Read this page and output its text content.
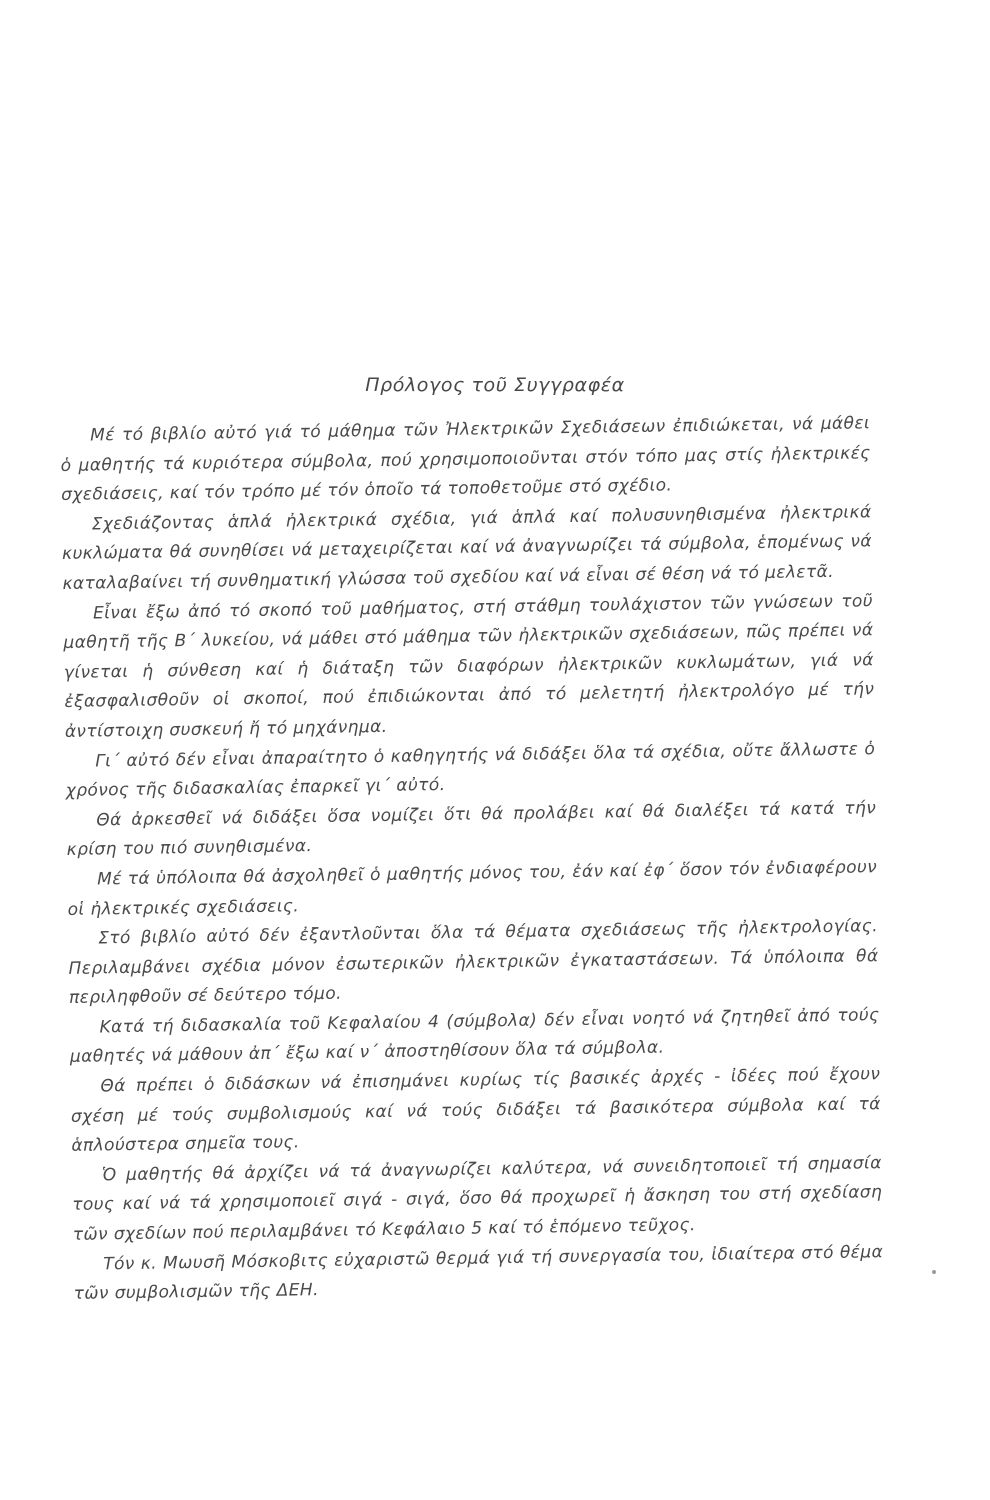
Πρόλογος τοῦ Συγγραφέα

Μέ τό βιβλίο αὐτό γιά τό μάθημα τῶν Ἠλεκτρικῶν Σχεδιάσεων ἐπιδιώκεται, νά μάθει ὁ μαθητής τά κυριότερα σύμβολα, πού χρησιμοποιοῦνται στόν τόπο μας στίς ἠλεκτρικές σχεδιάσεις, καί τόν τρόπο μέ τόν ὁποῖο τά τοποθετοῦμε στό σχέδιο.

Σχεδιάζοντας ἁπλά ἠλεκτρικά σχέδια, γιά ἁπλά καί πολυσυνηθισμένα ἠλεκτρικά κυκλώματα θά συνηθίσει νά μεταχειρίζεται καί νά ἀναγνωρίζει τά σύμβολα, ἑπομένως νά καταλαβαίνει τή συνθηματική γλώσσα τοῦ σχεδίου καί νά εἶναι σέ θέση νά τό μελετᾶ.

Εἶναι ἔξω ἀπό τό σκοπό τοῦ μαθήματος, στή στάθμη τουλάχιστον τῶν γνώσεων τοῦ μαθητῆ τῆς Β΄ λυκείου, νά μάθει στό μάθημα τῶν ἠλεκτρικῶν σχεδιάσεων, πῶς πρέπει νά γίνεται ἡ σύνθεση καί ἡ διάταξη τῶν διαφόρων ἠλεκτρικῶν κυκλωμάτων, γιά νά ἐξασφαλισθοῦν οἱ σκοποί, πού ἐπιδιώκονται ἀπό τό μελετητή ἠλεκτρολόγο μέ τήν ἀντίστοιχη συσκευή ἤ τό μηχάνημα.

Γι΄ αὐτό δέν εἶναι ἀπαραίτητο ὁ καθηγητής νά διδάξει ὅλα τά σχέδια, οὔτε ἄλλωστε ὁ χρόνος τῆς διδασκαλίας ἐπαρκεῖ γι΄ αὐτό.

Θά ἀρκεσθεῖ νά διδάξει ὅσα νομίζει ὅτι θά προλάβει καί θά διαλέξει τά κατά τήν κρίση του πιό συνηθισμένα.

Μέ τά ὑπόλοιπα θά ἀσχοληθεῖ ὁ μαθητής μόνος του, ἐάν καί ἐφ΄ ὅσον τόν ἐνδιαφέρουν οἱ ἠλεκτρικές σχεδιάσεις.

Στό βιβλίο αὐτό δέν ἐξαντλοῦνται ὅλα τά θέματα σχεδιάσεως τῆς ἠλεκτρολογίας. Περιλαμβάνει σχέδια μόνον ἐσωτερικῶν ἠλεκτρικῶν ἐγκαταστάσεων. Τά ὑπόλοιπα θά περιληφθοῦν σέ δεύτερο τόμο.

Κατά τή διδασκαλία τοῦ Κεφαλαίου 4 (σύμβολα) δέν εἶναι νοητό νά ζητηθεῖ ἀπό τούς μαθητές νά μάθουν ἀπ΄ ἔξω καί ν΄ ἀποστηθίσουν ὅλα τά σύμβολα.

Θά πρέπει ὁ διδάσκων νά ἐπισημάνει κυρίως τίς βασικές ἀρχές - ἰδέες πού ἔχουν σχέση μέ τούς συμβολισμούς καί νά τούς διδάξει τά βασικότερα σύμβολα καί τά ἁπλούστερα σημεῖα τους.

Ὁ μαθητής θά ἀρχίζει νά τά ἀναγνωρίζει καλύτερα, νά συνειδητοποιεῖ τή σημασία τους καί νά τά χρησιμοποιεῖ σιγά - σιγά, ὅσο θά προχωρεῖ ἡ ἄσκηση του στή σχεδίαση τῶν σχεδίων πού περιλαμβάνει τό Κεφάλαιο 5 καί τό ἑπόμενο τεῦχος.

Τόν κ. Μωυσῆ Μόσκοβιτς εὐχαριστῶ θερμά γιά τή συνεργασία του, ἰδιαίτερα στό θέμα τῶν συμβολισμῶν τῆς ΔΕΗ.
